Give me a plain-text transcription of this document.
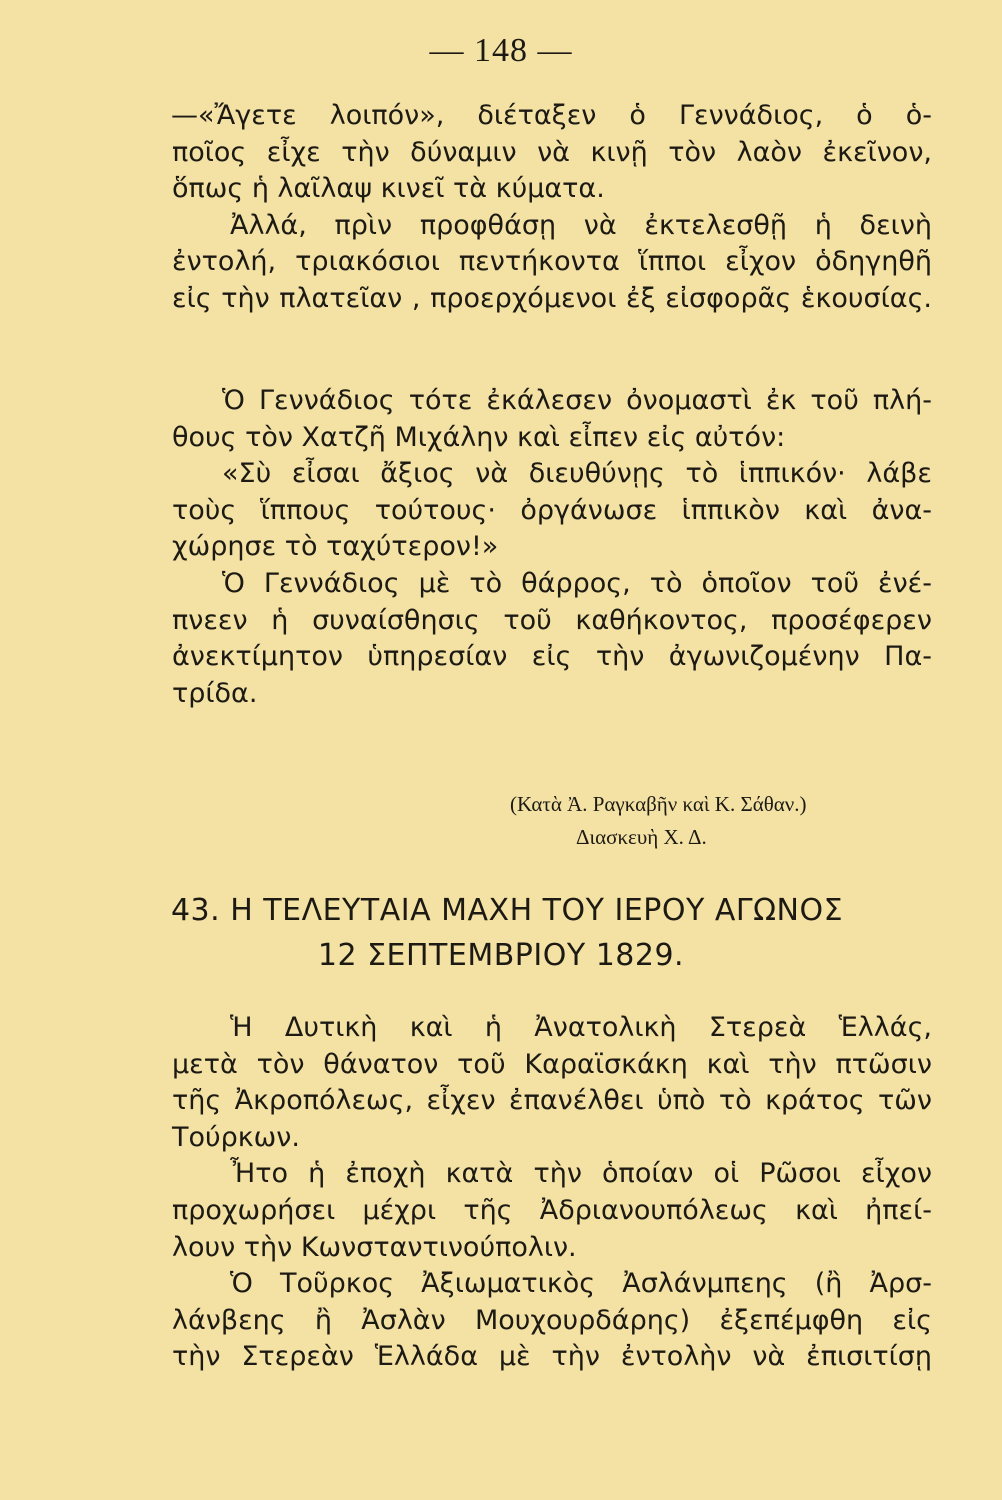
— 148 —
—«Ἄγετε λοιπόν», διέταξεν ὁ Γεννάδιος, ὁ ὁ-
ποῖος εἶχε τὴν δύναμιν νὰ κινῇ τὸν λαὸν ἐκεῖνον,
ὅπως ἡ λαῖλαψ κινεῖ τὰ κύματα.
Ἀλλά, πρὶν προφθάσῃ νὰ ἐκτελεσθῇ ἡ δεινὴ
ἐντολή, τριακόσιοι πεντήκοντα ἵπποι εἶχον ὁδηγηθῆ
εἰς τὴν πλατεῖαν , προερχόμενοι ἐξ εἰσφορᾶς ἑκουσίας.
Ὁ Γεννάδιος τότε ἐκάλεσεν ὀνομαστὶ ἐκ τοῦ πλή-
θους τὸν Χατζῆ Μιχάλην καὶ εἶπεν εἰς αὐτόν:
«Σὺ εἶσαι ἄξιος νὰ διευθύνῃς τὸ ἱππικόν· λάβε
τοὺς ἵππους τούτους· ὀργάνωσε ἱππικὸν καὶ ἀνα-
χώρησε τὸ ταχύτερον!»
Ὁ Γεννάδιος μὲ τὸ θάρρος, τὸ ὁποῖον τοῦ ἐνέ-
πνεεν ἡ συναίσθησις τοῦ καθήκοντος, προσέφερεν
ἀνεκτίμητον ὑπηρεσίαν εἰς τὴν ἀγωνιζομένην Πα-
τρίδα.
(Κατὰ Ἀ. Ραγκαβῆν καὶ Κ. Σάθαν.)
Διασκευὴ Χ. Δ.
43. Η ΤΕΛΕΥΤΑΙΑ ΜΑΧΗ ΤΟΥ ΙΕΡΟΥ ΑΓΩΝΟΣ
12 ΣΕΠΤΕΜΒΡΙΟΥ 1829.
Ἡ Δυτικὴ καὶ ἡ Ἀνατολικὴ Στερεὰ Ἑλλάς,
μετὰ τὸν θάνατον τοῦ Καραϊσκάκη καὶ τὴν πτῶσιν
τῆς Ἀκροπόλεως, εἶχεν ἐπανέλθει ὑπὸ τὸ κράτος τῶν
Τούρκων.
Ἦτο ἡ ἐποχὴ κατὰ τὴν ὁποίαν οἱ Ρῶσοι εἶχον
προχωρήσει μέχρι τῆς Ἀδριανουπόλεως καὶ ἠπεί-
λουν τὴν Κωνσταντινούπολιν.
Ὁ Τοῦρκος Ἀξιωματικὸς Ἀσλάνμπεης (ἢ Ἀρσ-
λάνβεης ἢ Ἀσλὰν Μουχουρδάρης) ἐξεπέμφθη εἰς
τὴν Στερεὰν Ἑλλάδα μὲ τὴν ἐντολὴν νὰ ἐπισιτίσῃ
